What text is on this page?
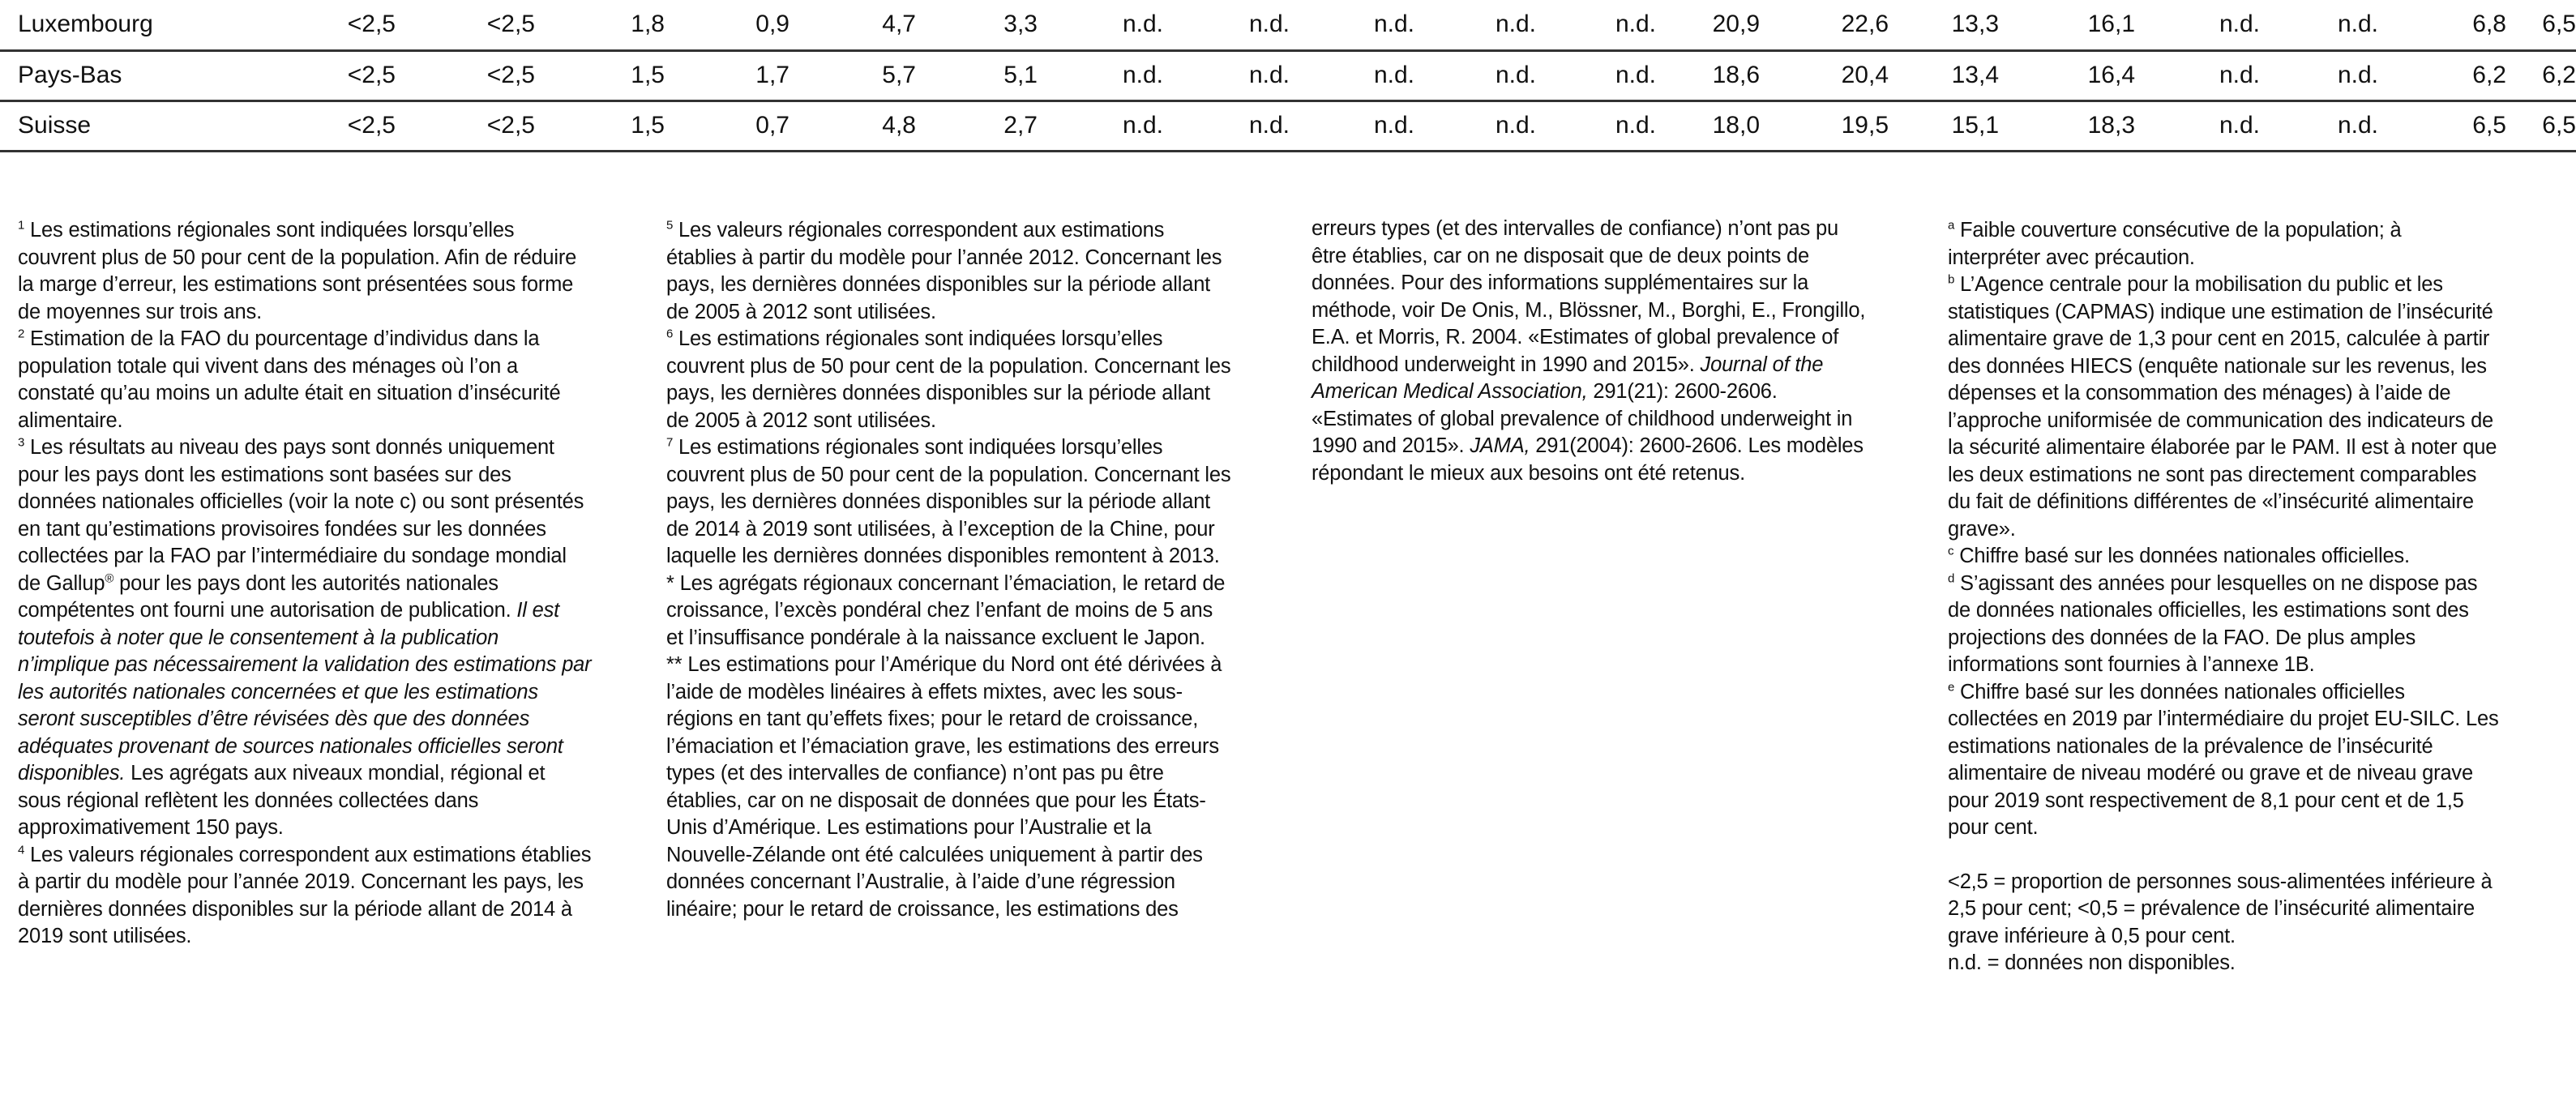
Luxembourg	<2,5	<2,5	1,8	0,9	4,7	3,3	n.d.	n.d.	n.d.	n.d.	n.d.	20,9	22,6	13,3	16,1	n.d.	n.d.	6,8	6,5	
Pays-Bas	<2,5	<2,5	1,5	1,7	5,7	5,1	n.d.	n.d.	n.d.	n.d.	n.d.	18,6	20,4	13,4	16,4	n.d.	n.d.	6,2	6,2	
Suisse	<2,5	<2,5	1,5	0,7	4,8	2,7	n.d.	n.d.	n.d.	n.d.	n.d.	18,0	19,5	15,1	18,3	n.d.	n.d.	6,5	6,5	

$^1$ Les estimations régionales sont indiquées lorsqu’elles couvrent plus de 50 pour cent de la population. Afin de réduire la marge d’erreur, les estimations sont présentées sous forme de moyennes sur trois ans.

$^2$ Estimation de la FAO du pourcentage d’individus dans la population totale qui vivent dans des ménages où l’on a constaté qu’au moins un adulte était en situation d’insécurité alimentaire.

$^3$ Les résultats au niveau des pays sont donnés uniquement pour les pays dont les estimations sont basées sur des données nationales officielles (voir la note c) ou sont présentés en tant qu’estimations provisoires fondées sur les données collectées par la FAO par l’intermédiaire du sondage mondial de Gallup® pour les pays dont les autorités nationales compétentes ont fourni une autorisation de publication. Il est toutefois à noter que le consentement à la publication n’implique pas nécessairement la validation des estimations par les autorités nationales concernées et que les estimations seront susceptibles d’être révisées dès que des données adéquates provenant de sources nationales officielles seront disponibles. Les agrégats aux niveaux mondial, régional et sous régional reflètent les données collectées dans approximativement 150 pays.

$^4$ Les valeurs régionales correspondent aux estimations établies à partir du modèle pour l’année 2019. Concernant les pays, les dernières données disponibles sur la période allant de 2014 à 2019 sont utilisées.

$^5$ Les valeurs régionales correspondent aux estimations établies à partir du modèle pour l’année 2012. Concernant les pays, les dernières données disponibles sur la période allant de 2005 à 2012 sont utilisées.

$^6$ Les estimations régionales sont indiquées lorsqu’elles couvrent plus de 50 pour cent de la population. Concernant les pays, les dernières données disponibles sur la période allant de 2005 à 2012 sont utilisées.

$^7$ Les estimations régionales sont indiquées lorsqu’elles couvrent plus de 50 pour cent de la population. Concernant les pays, les dernières données disponibles sur la période allant de 2014 à 2019 sont utilisées, à l’exception de la Chine, pour laquelle les dernières données disponibles remontent à 2013.

* Les agrégats régionaux concernant l’émaciation, le retard de croissance, l’excès pondéral chez l’enfant de moins de 5 ans et l’insuffisance pondérale à la naissance excluent le Japon.

** Les estimations pour l’Amérique du Nord ont été dérivées à l’aide de modèles linéaires à effets mixtes, avec les sous-régions en tant qu’effets fixes; pour le retard de croissance, l’émaciation et l’émaciation grave, les estimations des erreurs types (et des intervalles de confiance) n’ont pas pu être établies, car on ne disposait de données que pour les États-Unis d’Amérique. Les estimations pour l’Australie et la Nouvelle-Zélande ont été calculées uniquement à partir des données concernant l’Australie, à l’aide d’une régression linéaire; pour le retard de croissance, les estimations des

erreurs types (et des intervalles de confiance) n’ont pas pu être établies, car on ne disposait que de deux points de données. Pour des informations supplémentaires sur la méthode, voir De Onis, M., Blössner, M., Borghi, E., Frongillo, E.A. et Morris, R. 2004. «Estimates of global prevalence of childhood underweight in 1990 and 2015». Journal of the American Medical Association, 291(21): 2600-2606. «Estimates of global prevalence of childhood underweight in 1990 and 2015». JAMA, 291(2004): 2600-2606. Les modèles répondant le mieux aux besoins ont été retenus.

$^a$ Faible couverture consécutive de la population; à interpréter avec précaution.

$^b$ L’Agence centrale pour la mobilisation du public et les statistiques (CAPMAS) indique une estimation de l’insécurité alimentaire grave de 1,3 pour cent en 2015, calculée à partir des données HIECS (enquête nationale sur les revenus, les dépenses et la consommation des ménages) à l’aide de l’approche uniformisée de communication des indicateurs de la sécurité alimentaire élaborée par le PAM. Il est à noter que les deux estimations ne sont pas directement comparables du fait de définitions différentes de «l’insécurité alimentaire grave».

$^c$ Chiffre basé sur les données nationales officielles.

$^d$ S’agissant des années pour lesquelles on ne dispose pas de données nationales officielles, les estimations sont des projections des données de la FAO. De plus amples informations sont fournies à l’annexe 1B.

$^e$ Chiffre basé sur les données nationales officielles collectées en 2019 par l’intermédiaire du projet EU-SILC. Les estimations nationales de la prévalence de l’insécurité alimentaire de niveau modéré ou grave et de niveau grave pour 2019 sont respectivement de 8,1 pour cent et de 1,5 pour cent.

<2,5 = proportion de personnes sous-alimentées inférieure à 2,5 pour cent; <0,5 = prévalence de l’insécurité alimentaire grave inférieure à 0,5 pour cent.

n.d. = données non disponibles.
